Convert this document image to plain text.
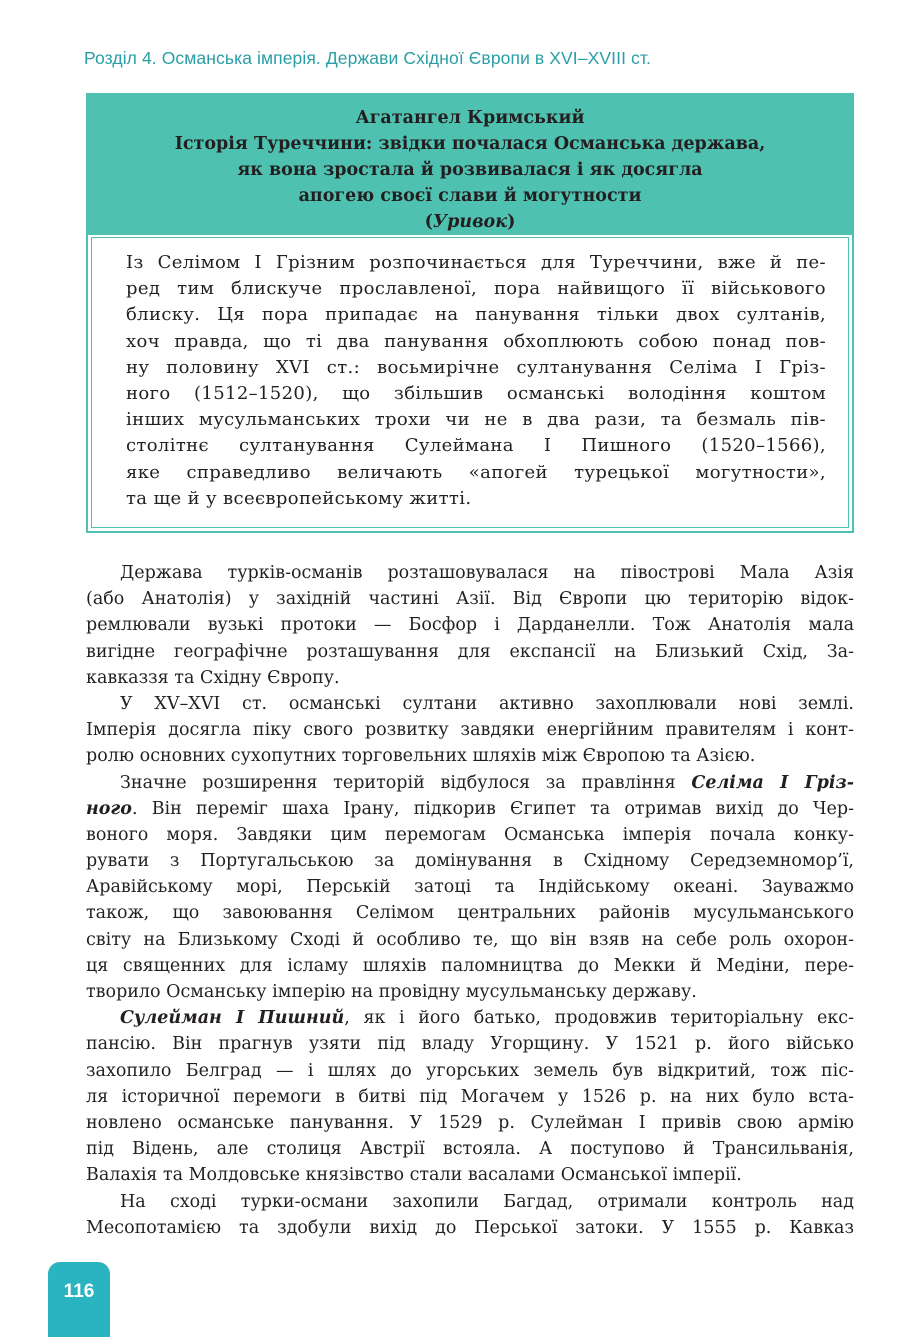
Розділ 4. Османська імперія. Держави Східної Європи в XVI–XVIII ст.
Агатангел Кримський
Історія Туреччини: звідки почалася Османська держава,
як вона зростала й розвивалася і як досягла
апогею своєї слави й могутности
(Уривок)
Із Селімом I Грізним розпочинається для Туреччини, вже й пе-
ред тим блискуче прославленої, пора найвищого її військового
блиску. Ця пора припадає на панування тільки двох султанів,
хоч правда, що ті два панування обхоплюють собою понад пов-
ну половину XVI ст.: восьмирічне султанування Селіма I Гріз-
ного (1512–1520), що збільшив османські володіння коштом
інших мусульманських трохи чи не в два рази, та безмаль пів-
столітнє султанування Сулеймана I Пишного (1520–1566),
яке справедливо величають «апогей турецької могутности»,
та ще й у всеєвропейському житті.
Держава турків-османів розташовувалася на півострові Мала Азія
(або Анатолія) у західній частині Азії. Від Європи цю територію відок-
ремлювали вузькі протоки — Босфор і Дарданелли. Тож Анатолія мала
вигідне географічне розташування для експансії на Близький Схід, За-
кавказзя та Східну Європу.
У XV–XVI ст. османські султани активно захоплювали нові землі.
Імперія досягла піку свого розвитку завдяки енергійним правителям і конт-
ролю основних сухопутних торговельних шляхів між Європою та Азією.
Значне розширення територій відбулося за правління Селіма I Гріз-
ного. Він переміг шаха Ірану, підкорив Єгипет та отримав вихід до Чер-
воного моря. Завдяки цим перемогам Османська імперія почала конку-
рувати з Португальською за домінування в Східному Середземномор’ї,
Аравійському морі, Перській затоці та Індійському океані. Зауважмо
також, що завоювання Селімом центральних районів мусульманського
світу на Близькому Сході й особливо те, що він взяв на себе роль охорон-
ця священних для ісламу шляхів паломництва до Мекки й Медіни, пере-
творило Османську імперію на провідну мусульманську державу.
Сулейман I Пишний, як і його батько, продовжив територіальну екс-
пансію. Він прагнув узяти під владу Угорщину. У 1521 р. його військо
захопило Белград — і шлях до угорських земель був відкритий, тож піс-
ля історичної перемоги в битві під Могачем у 1526 р. на них було вста-
новлено османське панування. У 1529 р. Сулейман I привів свою армію
під Відень, але столиця Австрії встояла. А поступово й Трансильванія,
Валахія та Молдовське князівство стали васалами Османської імперії.
На сході турки-османи захопили Багдад, отримали контроль над
Месопотамією та здобули вихід до Перської затоки. У 1555 р. Кавказ
116
